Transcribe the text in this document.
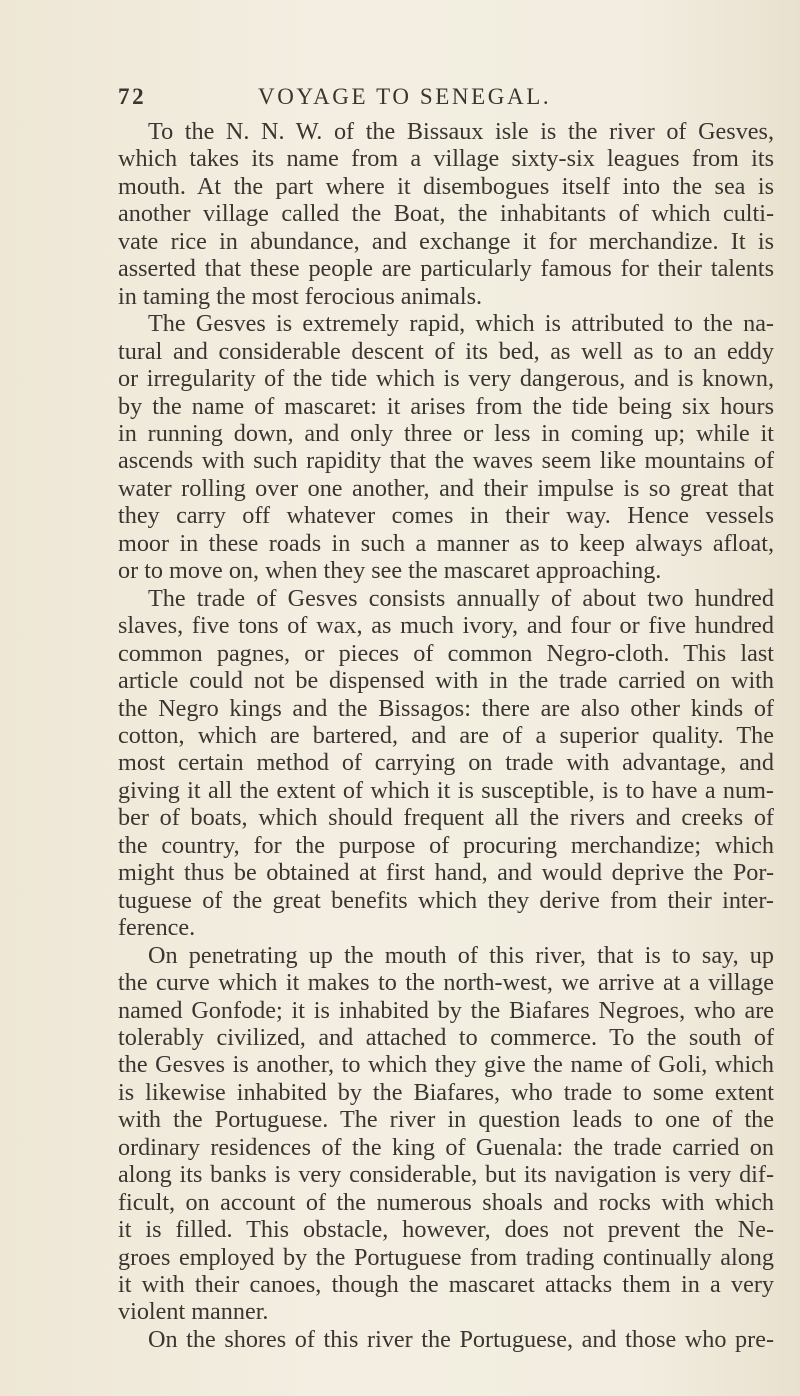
72	VOYAGE TO SENEGAL.
To the N. N. W. of the Bissaux isle is the river of Gesves,
which takes its name from a village sixty-six leagues from its
mouth. At the part where it disembogues itself into the sea is
another village called the Boat, the inhabitants of which culti-
vate rice in abundance, and exchange it for merchandize. It is
asserted that these people are particularly famous for their talents
in taming the most ferocious animals.
The Gesves is extremely rapid, which is attributed to the na-
tural and considerable descent of its bed, as well as to an eddy
or irregularity of the tide which is very dangerous, and is known,
by the name of mascaret: it arises from the tide being six hours
in running down, and only three or less in coming up; while it
ascends with such rapidity that the waves seem like mountains of
water rolling over one another, and their impulse is so great that
they carry off whatever comes in their way. Hence vessels
moor in these roads in such a manner as to keep always afloat,
or to move on, when they see the mascaret approaching.
The trade of Gesves consists annually of about two hundred
slaves, five tons of wax, as much ivory, and four or five hundred
common pagnes, or pieces of common Negro-cloth. This last
article could not be dispensed with in the trade carried on with
the Negro kings and the Bissagos: there are also other kinds of
cotton, which are bartered, and are of a superior quality. The
most certain method of carrying on trade with advantage, and
giving it all the extent of which it is susceptible, is to have a num-
ber of boats, which should frequent all the rivers and creeks of
the country, for the purpose of procuring merchandize; which
might thus be obtained at first hand, and would deprive the Por-
tuguese of the great benefits which they derive from their inter-
ference.
On penetrating up the mouth of this river, that is to say, up
the curve which it makes to the north-west, we arrive at a village
named Gonfode; it is inhabited by the Biafares Negroes, who are
tolerably civilized, and attached to commerce. To the south of
the Gesves is another, to which they give the name of Goli, which
is likewise inhabited by the Biafares, who trade to some extent
with the Portuguese. The river in question leads to one of the
ordinary residences of the king of Guenala: the trade carried on
along its banks is very considerable, but its navigation is very dif-
ficult, on account of the numerous shoals and rocks with which
it is filled. This obstacle, however, does not prevent the Ne-
groes employed by the Portuguese from trading continually along
it with their canoes, though the mascaret attacks them in a very
violent manner.
On the shores of this river the Portuguese, and those who pre-
